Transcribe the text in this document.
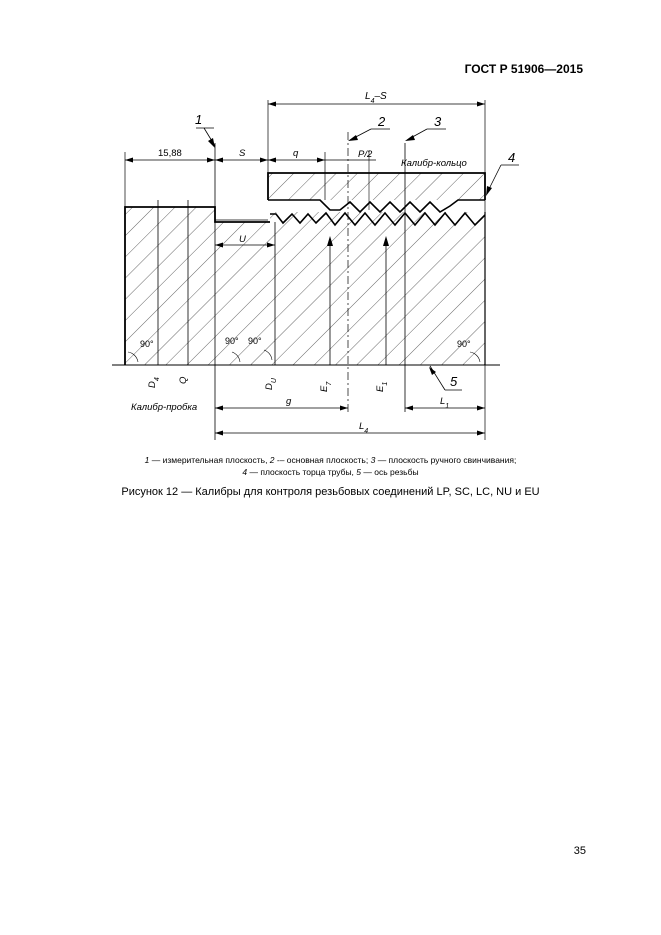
ГОСТ Р 51906—2015
$L_4-S$
15,88	S	q	P/2
U
1	2	3
4
5
Калибр-кольцо
90°	90° 90°	90°
$D_4$ Q
$D_U$
$E_7$
$E_1$
Калибр-пробка
g	$L_1$
$L_4$
1 — измерительная плоскость, 2 -– основная плоскость; 3 — плоскость ручного свинчивания;
4 — плоскость торца трубы, 5 — ось резьбы
Рисунок 12 — Калибры для контроля резьбовых соединений LP, SC, LC, NU и EU
35
